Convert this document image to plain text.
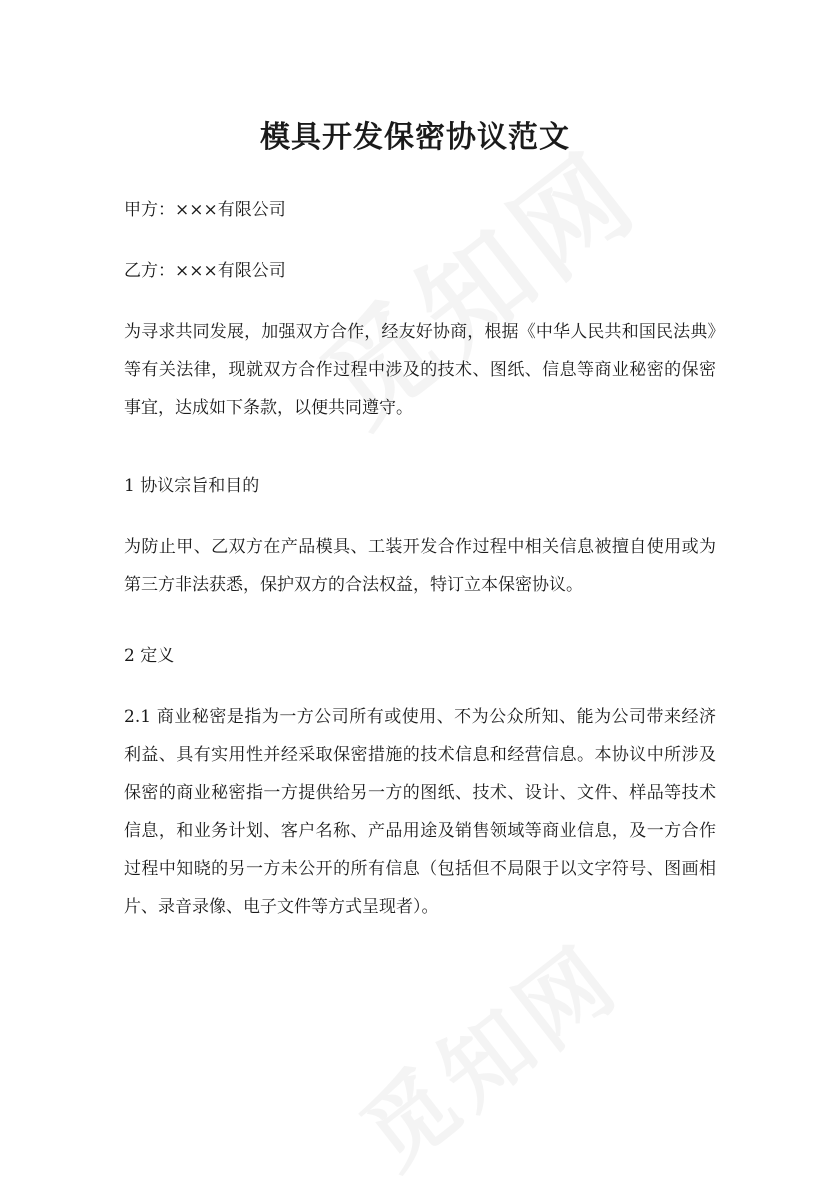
模具开发保密协议范文

甲方：×××有限公司

乙方：×××有限公司

为寻求共同发展，加强双方合作，经友好协商，根据《中华人民共和国民法典》等有关法律，现就双方合作过程中涉及的技术、图纸、信息等商业秘密的保密事宜，达成如下条款，以便共同遵守。

1 协议宗旨和目的

为防止甲、乙双方在产品模具、工装开发合作过程中相关信息被擅自使用或为第三方非法获悉，保护双方的合法权益，特订立本保密协议。

2 定义

2.1 商业秘密是指为一方公司所有或使用、不为公众所知、能为公司带来经济利益、具有实用性并经采取保密措施的技术信息和经营信息。本协议中所涉及保密的商业秘密指一方提供给另一方的图纸、技术、设计、文件、样品等技术信息，和业务计划、客户名称、产品用途及销售领域等商业信息，及一方合作过程中知晓的另一方未公开的所有信息（包括但不局限于以文字符号、图画相片、录音录像、电子文件等方式呈现者）。
